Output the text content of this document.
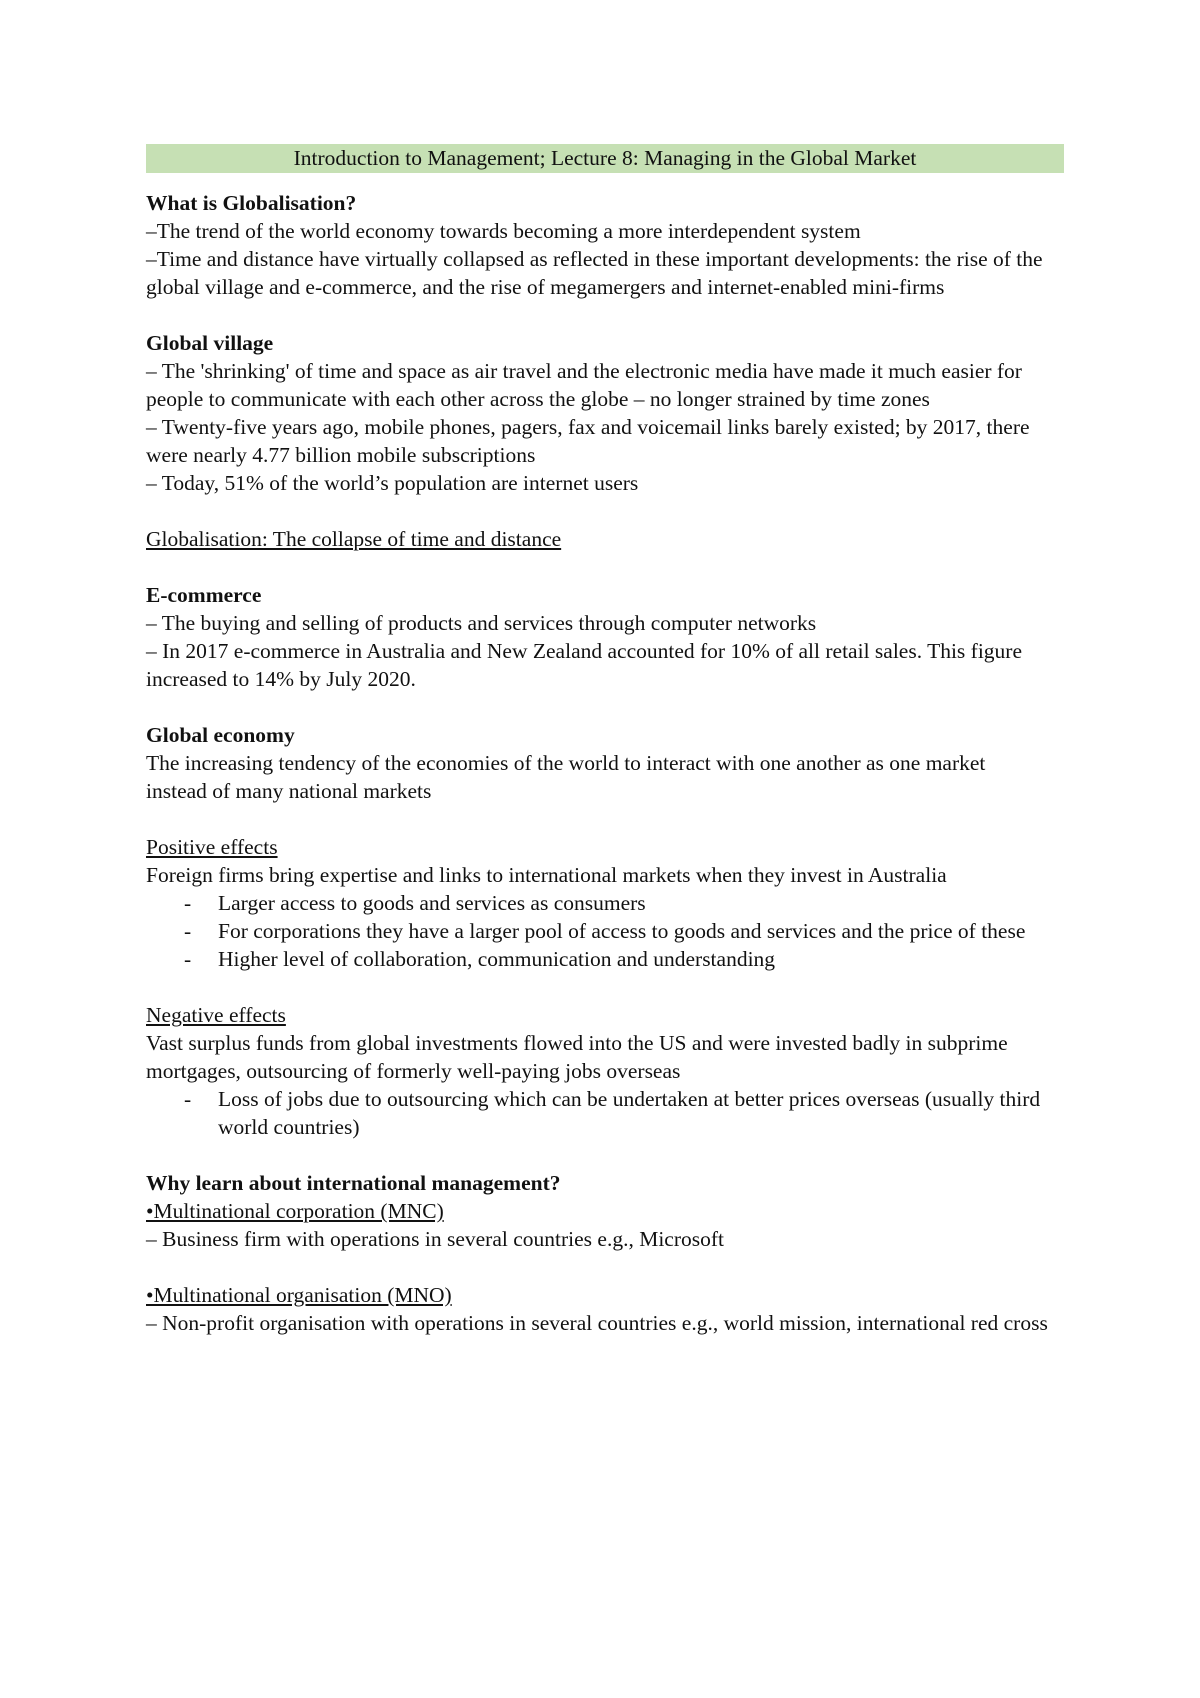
Introduction to Management; Lecture 8: Managing in the Global Market

What is Globalisation?

–The trend of the world economy towards becoming a more interdependent system

–Time and distance have virtually collapsed as reflected in these important developments: the rise of the global village and e-commerce, and the rise of megamergers and internet-enabled mini-firms

Global village

– The 'shrinking' of time and space as air travel and the electronic media have made it much easier for people to communicate with each other across the globe – no longer strained by time zones

– Twenty-five years ago, mobile phones, pagers, fax and voicemail links barely existed; by 2017, there were nearly 4.77 billion mobile subscriptions

– Today, 51% of the world’s population are internet users

Globalisation: The collapse of time and distance

E-commerce

– The buying and selling of products and services through computer networks

– In 2017 e-commerce in Australia and New Zealand accounted for 10% of all retail sales. This figure increased to 14% by July 2020.

Global economy

The increasing tendency of the economies of the world to interact with one another as one market instead of many national markets

Positive effects

Foreign firms bring expertise and links to international markets when they invest in Australia

- Larger access to goods and services as consumers
- For corporations they have a larger pool of access to goods and services and the price of these
- Higher level of collaboration, communication and understanding

Negative effects

Vast surplus funds from global investments flowed into the US and were invested badly in subprime mortgages, outsourcing of formerly well-paying jobs overseas

- Loss of jobs due to outsourcing which can be undertaken at better prices overseas (usually third world countries)

Why learn about international management?

•Multinational corporation (MNC)

– Business firm with operations in several countries e.g., Microsoft

•Multinational organisation (MNO)

– Non-profit organisation with operations in several countries e.g., world mission, international red cross
